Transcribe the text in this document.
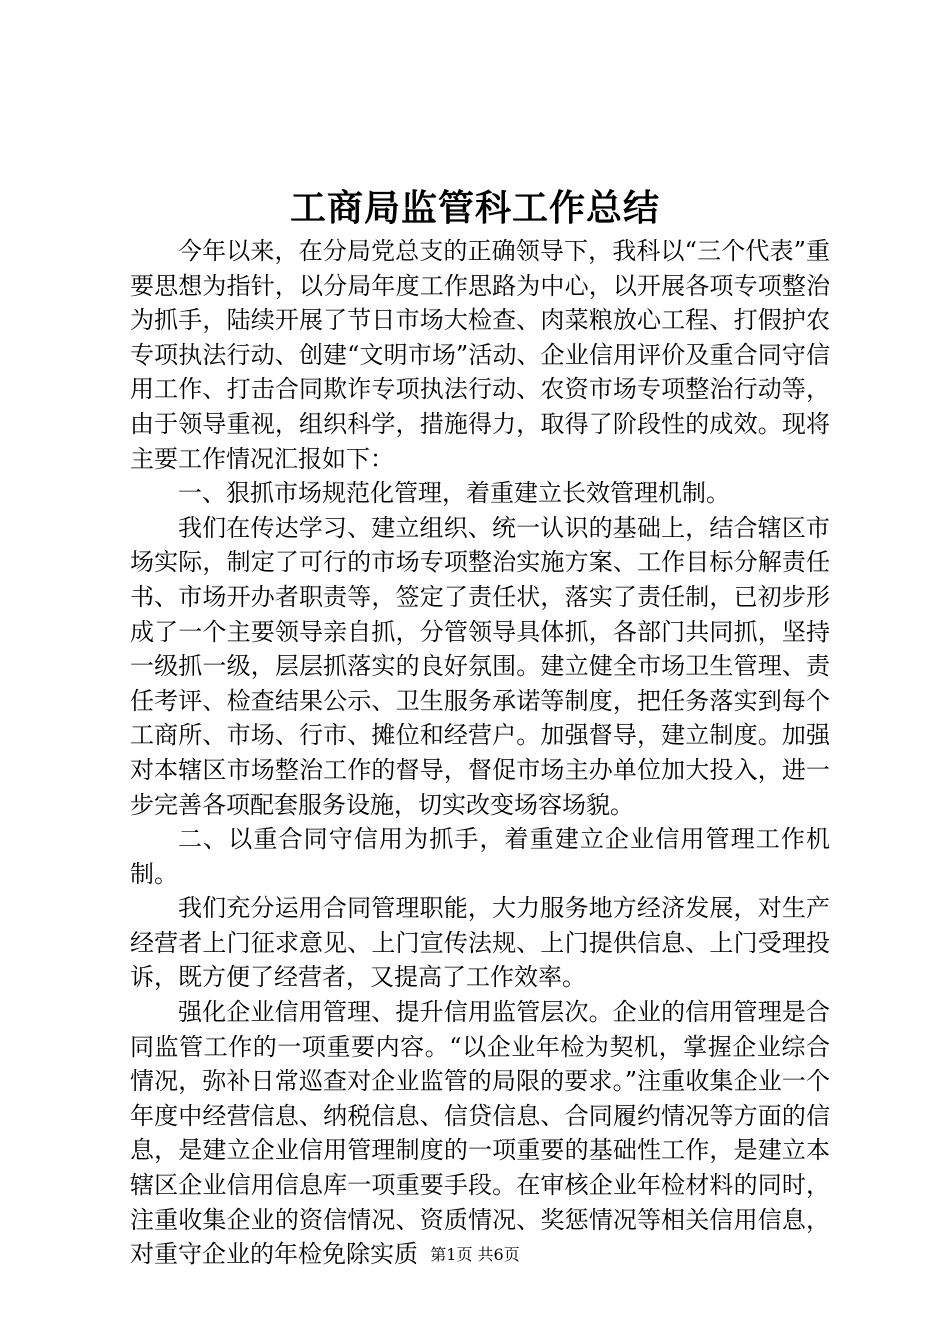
工商局监管科工作总结

今年以来，在分局党总支的正确领导下，我科以“三个代表”重要思想为指针，以分局年度工作思路为中心，以开展各项专项整治为抓手，陆续开展了节日市场大检查、肉菜粮放心工程、打假护农专项执法行动、创建“文明市场”活动、企业信用评价及重合同守信用工作、打击合同欺诈专项执法行动、农资市场专项整治行动等，由于领导重视，组织科学，措施得力，取得了阶段性的成效。现将主要工作情况汇报如下：

一、狠抓市场规范化管理，着重建立长效管理机制。

我们在传达学习、建立组织、统一认识的基础上，结合辖区市场实际，制定了可行的市场专项整治实施方案、工作目标分解责任书、市场开办者职责等，签定了责任状，落实了责任制，已初步形成了一个主要领导亲自抓，分管领导具体抓，各部门共同抓，坚持一级抓一级，层层抓落实的良好氛围。建立健全市场卫生管理、责任考评、检查结果公示、卫生服务承诺等制度，把任务落实到每个工商所、市场、行市、摊位和经营户。加强督导，建立制度。加强对本辖区市场整治工作的督导，督促市场主办单位加大投入，进一步完善各项配套服务设施，切实改变场容场貌。

二、以重合同守信用为抓手，着重建立企业信用管理工作机制。

我们充分运用合同管理职能，大力服务地方经济发展，对生产经营者上门征求意见、上门宣传法规、上门提供信息、上门受理投诉，既方便了经营者，又提高了工作效率。

强化企业信用管理、提升信用监管层次。企业的信用管理是合同监管工作的一项重要内容。“以企业年检为契机，掌握企业综合情况，弥补日常巡查对企业监管的局限的要求。”注重收集企业一个年度中经营信息、纳税信息、信贷信息、合同履约情况等方面的信息，是建立企业信用管理制度的一项重要的基础性工作，是建立本辖区企业信用信息库一项重要手段。在审核企业年检材料的同时，注重收集企业的资信情况、资质情况、奖惩情况等相关信用信息，对重守企业的年检免除实质 第1页 共6页
